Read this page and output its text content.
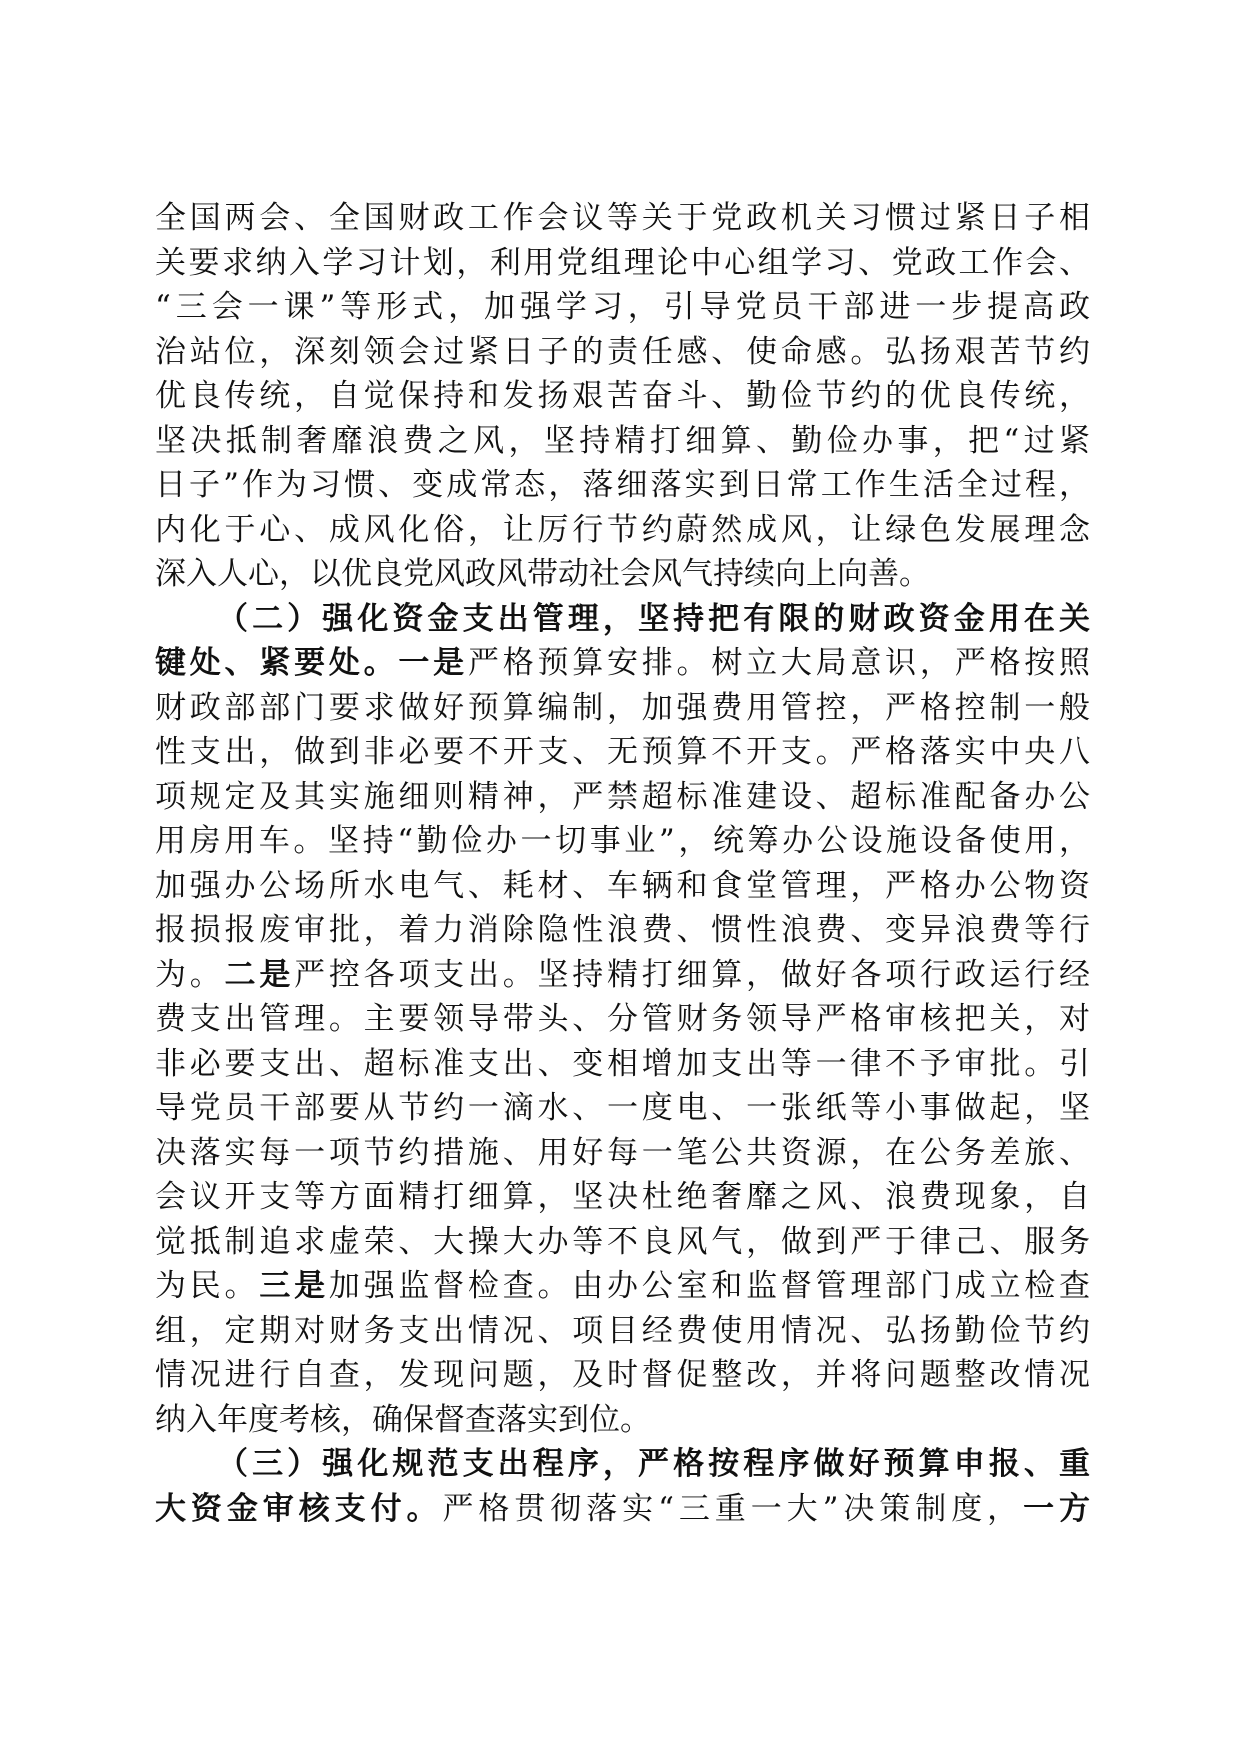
全国两会、全国财政工作会议等关于党政机关习惯过紧日子相
关要求纳入学习计划，利用党组理论中心组学习、党政工作会、
“三会一课”等形式，加强学习，引导党员干部进一步提高政
治站位，深刻领会过紧日子的责任感、使命感。弘扬艰苦节约
优良传统，自觉保持和发扬艰苦奋斗、勤俭节约的优良传统，
坚决抵制奢靡浪费之风，坚持精打细算、勤俭办事，把“过紧
日子”作为习惯、变成常态，落细落实到日常工作生活全过程，
内化于心、成风化俗，让厉行节约蔚然成风，让绿色发展理念
深入人心，以优良党风政风带动社会风气持续向上向善。
（二）强化资金支出管理，坚持把有限的财政资金用在关
键处、紧要处。一是严格预算安排。树立大局意识，严格按照
财政部部门要求做好预算编制，加强费用管控，严格控制一般
性支出，做到非必要不开支、无预算不开支。严格落实中央八
项规定及其实施细则精神，严禁超标准建设、超标准配备办公
用房用车。坚持“勤俭办一切事业”，统筹办公设施设备使用，
加强办公场所水电气、耗材、车辆和食堂管理，严格办公物资
报损报废审批，着力消除隐性浪费、惯性浪费、变异浪费等行
为。二是严控各项支出。坚持精打细算，做好各项行政运行经
费支出管理。主要领导带头、分管财务领导严格审核把关，对
非必要支出、超标准支出、变相增加支出等一律不予审批。引
导党员干部要从节约一滴水、一度电、一张纸等小事做起，坚
决落实每一项节约措施、用好每一笔公共资源，在公务差旅、
会议开支等方面精打细算，坚决杜绝奢靡之风、浪费现象，自
觉抵制追求虚荣、大操大办等不良风气，做到严于律己、服务
为民。三是加强监督检查。由办公室和监督管理部门成立检查
组，定期对财务支出情况、项目经费使用情况、弘扬勤俭节约
情况进行自查，发现问题，及时督促整改，并将问题整改情况
纳入年度考核，确保督查落实到位。
（三）强化规范支出程序，严格按程序做好预算申报、重
大资金审核支付。严格贯彻落实“三重一大”决策制度，一方
